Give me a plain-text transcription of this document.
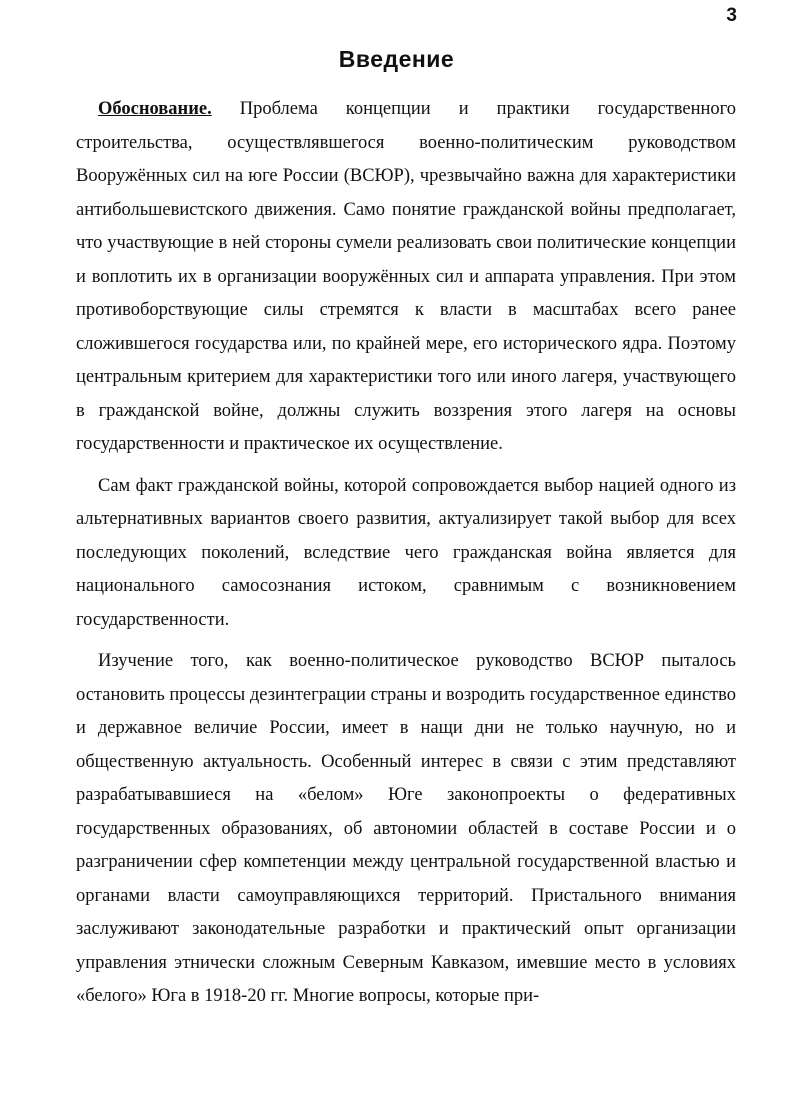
3
Введение

Обоснование. Проблема концепции и практики государственного строительства, осуществлявшегося военно-политическим руководством Вооружённых сил на юге России (ВСЮР), чрезвычайно важна для характеристики антибольшевистского движения. Само понятие гражданской войны предполагает, что участвующие в ней стороны сумели реализовать свои политические концепции и воплотить их в организации вооружённых сил и аппарата управления. При этом противоборствующие силы стремятся к власти в масштабах всего ранее сложившегося государства или, по крайней мере, его исторического ядра. Поэтому центральным критерием для характеристики того или иного лагеря, участвующего в гражданской войне, должны служить воззрения этого лагеря на основы государственности и практическое их осуществление.

Сам факт гражданской войны, которой сопровождается выбор нацией одного из альтернативных вариантов своего развития, актуализирует такой выбор для всех последующих поколений, вследствие чего гражданская война является для национального самосознания истоком, сравнимым с возникновением государственности.

Изучение того, как военно-политическое руководство ВСЮР пыталось остановить процессы дезинтеграции страны и возродить государственное единство и державное величие России, имеет в нащи дни не только научную, но и общественную актуальность. Особенный интерес в связи с этим представляют разрабатывавшиеся на «белом» Юге законопроекты о федеративных государственных образованиях, об автономии областей в составе России и о разграничении сфер компетенции между центральной государственной властью и органами власти самоуправляющихся территорий. Пристального внимания заслуживают законодательные разработки и практический опыт организации управления этнически сложным Северным Кавказом, имевшие место в условиях «белого» Юга в 1918-20 гг. Многие вопросы, которые при-
